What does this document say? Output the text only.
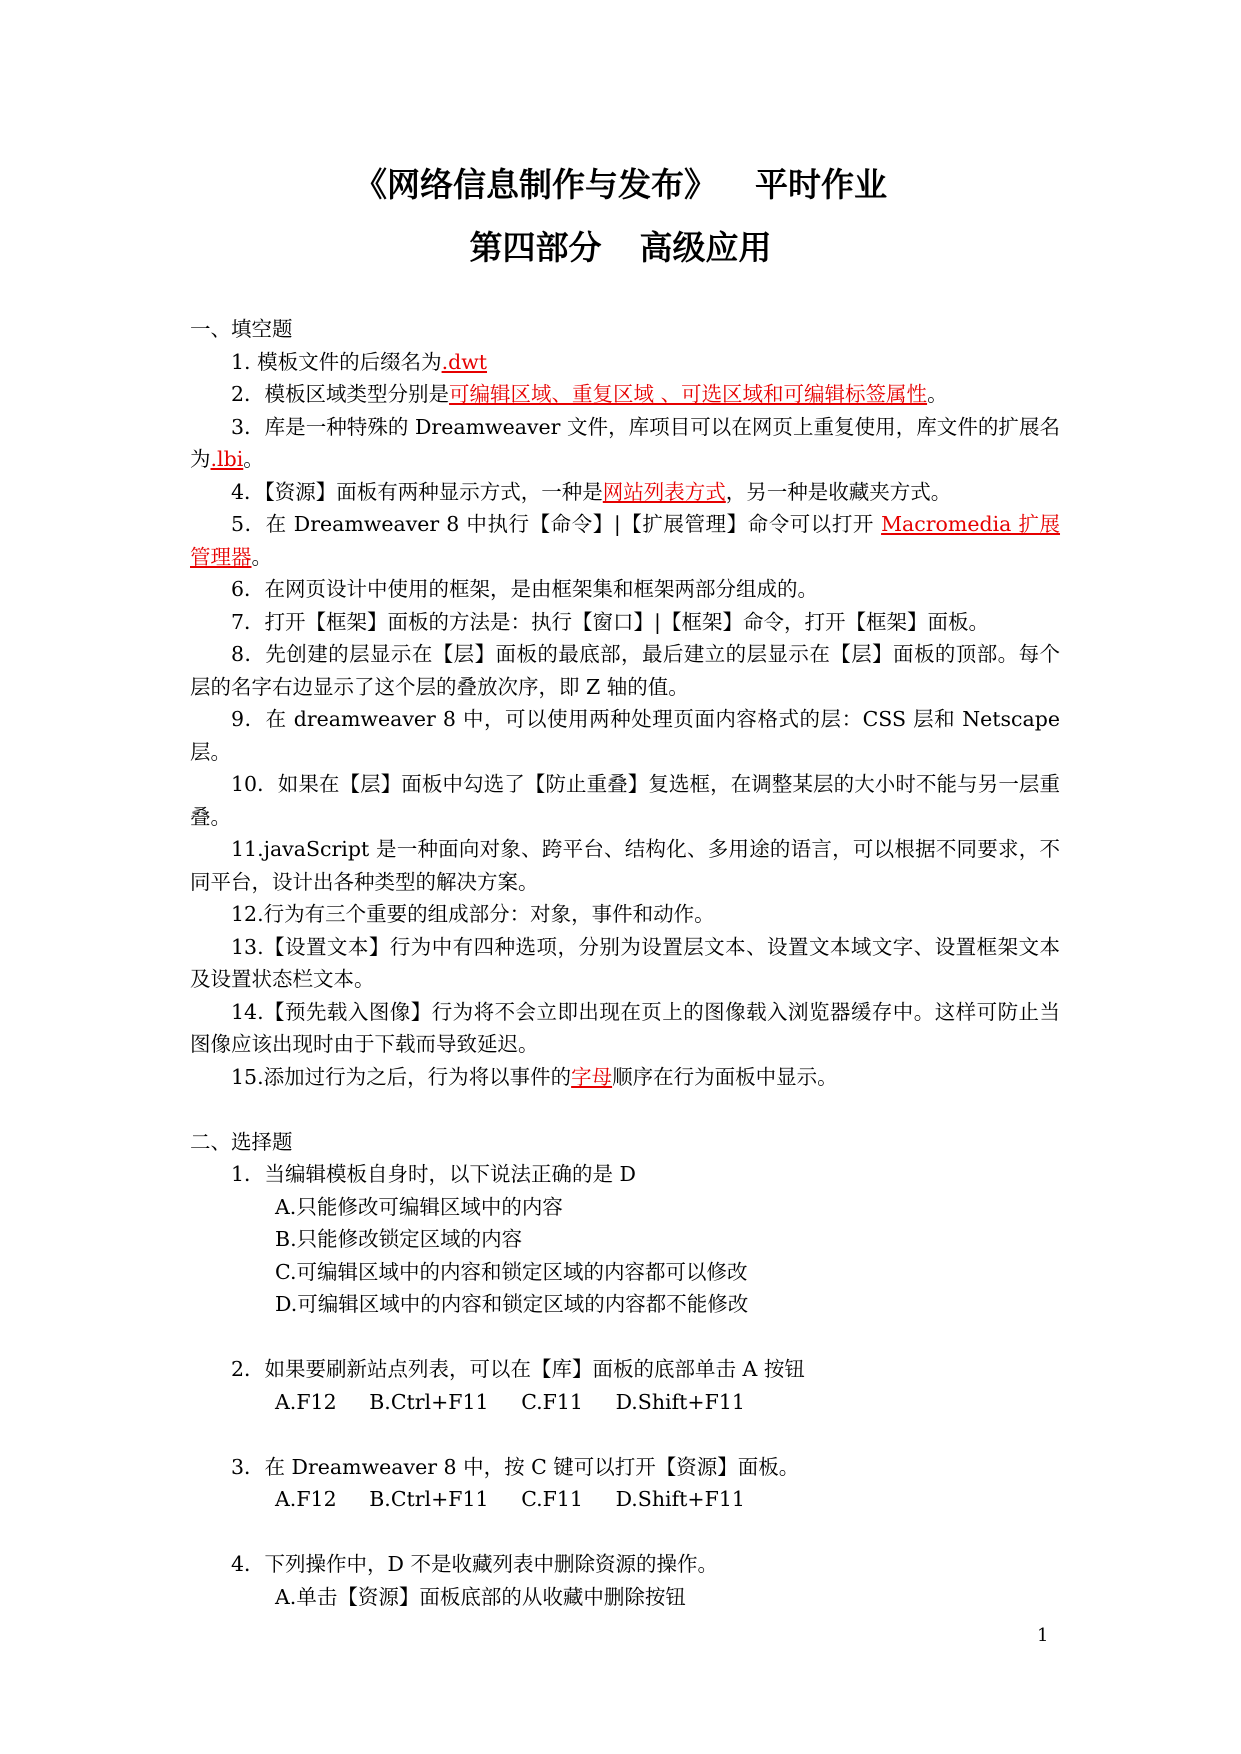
《网络信息制作与发布》 平时作业
第四部分 高级应用

一、填空题

1. 模板文件的后缀名为.dwt

2．模板区域类型分别是可编辑区域、重复区域 、可选区域和可编辑标签属性。

3．库是一种特殊的 Dreamweaver 文件，库项目可以在网页上重复使用，库文件的扩展名为.lbi。

4．【资源】面板有两种显示方式，一种是网站列表方式，另一种是收藏夹方式。

5．在 Dreamweaver 8 中执行【命令】|【扩展管理】命令可以打开 Macromedia 扩展管理器。

6．在网页设计中使用的框架，是由框架集和框架两部分组成的。

7．打开【框架】面板的方法是：执行【窗口】|【框架】命令，打开【框架】面板。

8．先创建的层显示在【层】面板的最底部，最后建立的层显示在【层】面板的顶部。每个层的名字右边显示了这个层的叠放次序，即 Z 轴的值。

9．在 dreamweaver 8 中，可以使用两种处理页面内容格式的层：CSS 层和 Netscape 层。

10．如果在【层】面板中勾选了【防止重叠】复选框，在调整某层的大小时不能与另一层重叠。

11.javaScript 是一种面向对象、跨平台、结构化、多用途的语言，可以根据不同要求，不同平台，设计出各种类型的解决方案。

12.行为有三个重要的组成部分：对象，事件和动作。

13.【设置文本】行为中有四种选项，分别为设置层文本、设置文本域文字、设置框架文本及设置状态栏文本。

14.【预先载入图像】行为将不会立即出现在页上的图像载入浏览器缓存中。这样可防止当图像应该出现时由于下载而导致延迟。

15.添加过行为之后，行为将以事件的字母顺序在行为面板中显示。

二、选择题

1．当编辑模板自身时，以下说法正确的是 D

A.只能修改可编辑区域中的内容

B.只能修改锁定区域的内容

C.可编辑区域中的内容和锁定区域的内容都可以修改

D.可编辑区域中的内容和锁定区域的内容都不能修改

2．如果要刷新站点列表，可以在【库】面板的底部单击 A 按钮

A.F12 B.Ctrl+F11 C.F11 D.Shift+F11

3．在 Dreamweaver 8 中，按 C 键可以打开【资源】面板。

A.F12 B.Ctrl+F11 C.F11 D.Shift+F11

4．下列操作中，D 不是收藏列表中删除资源的操作。

A.单击【资源】面板底部的从收藏中删除按钮

1
